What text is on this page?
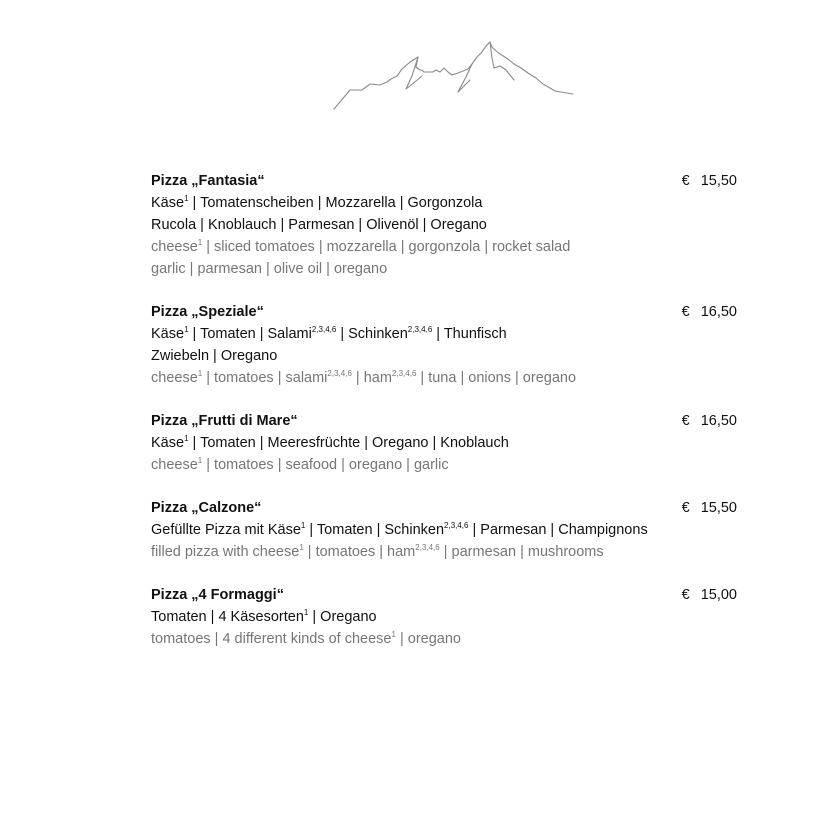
Pizza „Fantasia“	€ 15,50
Käse$^1$ | Tomatenscheiben | Mozzarella | Gorgonzola
Rucola | Knoblauch | Parmesan | Olivenöl | Oregano
cheese$^1$ | sliced tomatoes | mozzarella | gorgonzola | rocket salad
garlic | parmesan | olive oil | oregano
Pizza „Speziale“	€ 16,50
Käse$^1$ | Tomaten | Salami$^{2,3,4,6}$ | Schinken$^{2,3,4,6}$ | Thunfisch
Zwiebeln | Oregano
cheese$^1$ | tomatoes | salami$^{2,3,4,6}$ | ham$^{2,3,4,6}$ | tuna | onions | oregano
Pizza „Frutti di Mare“	€ 16,50
Käse$^1$ | Tomaten | Meeresfrüchte | Oregano | Knoblauch
cheese$^1$ | tomatoes | seafood | oregano | garlic
Pizza „Calzone“	€ 15,50
Gefüllte Pizza mit Käse$^1$ | Tomaten | Schinken$^{2,3,4,6}$ | Parmesan | Champignons
filled pizza with cheese$^1$ | tomatoes | ham$^{2,3,4,6}$ | parmesan | mushrooms
Pizza „4 Formaggi“	€ 15,00
Tomaten | 4 Käsesorten$^1$ | Oregano
tomatoes | 4 different kinds of cheese$^1$ | oregano
